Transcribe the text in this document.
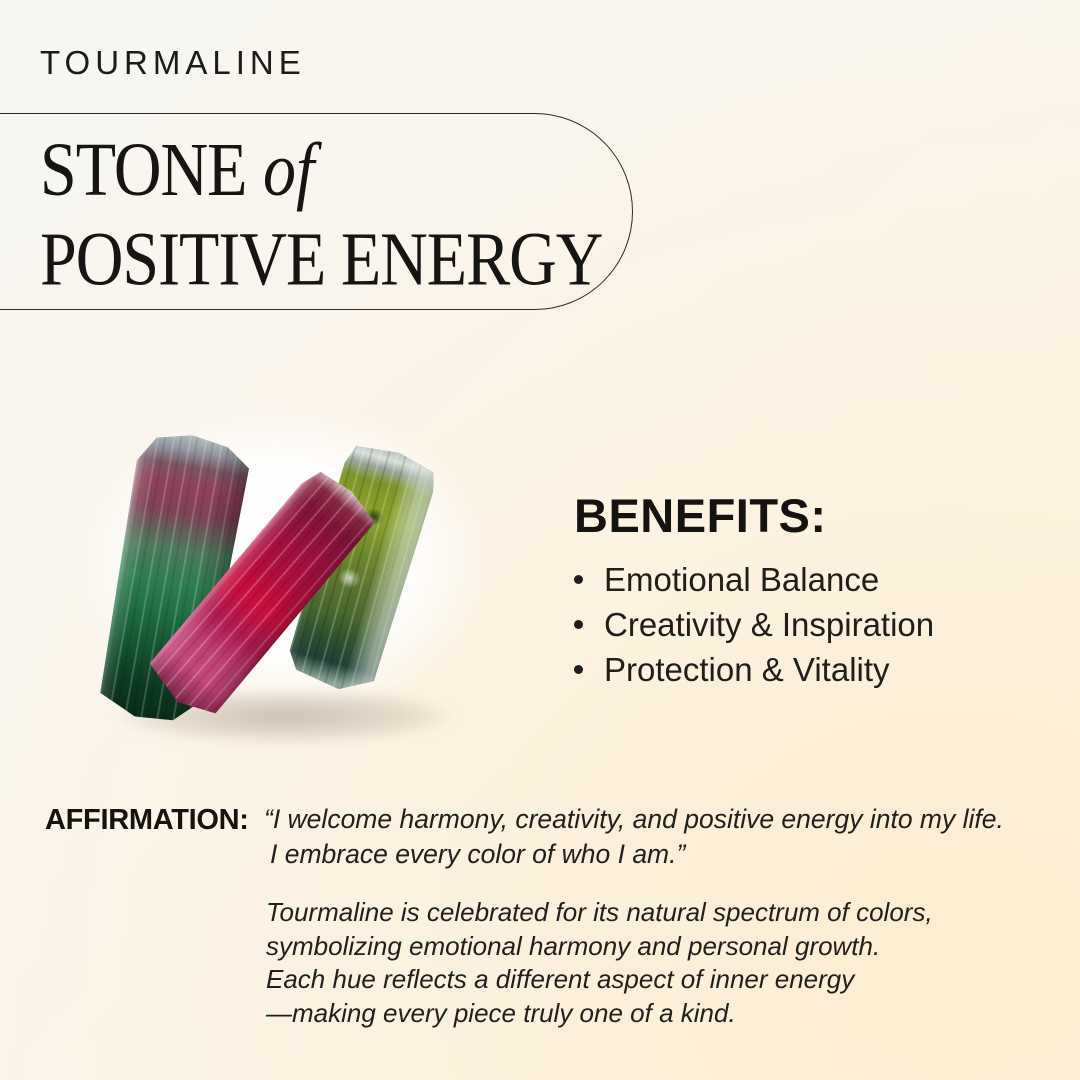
TOURMALINE
STONE of
POSITIVE ENERGY
BENEFITS:
Emotional Balance
Creativity & Inspiration
Protection & Vitality
AFFIRMATION: “I welcome harmony, creativity, and positive energy into my life.
I embrace every color of who I am.”
Tourmaline is celebrated for its natural spectrum of colors,
symbolizing emotional harmony and personal growth.
Each hue reflects a different aspect of inner energy
—making every piece truly one of a kind.
